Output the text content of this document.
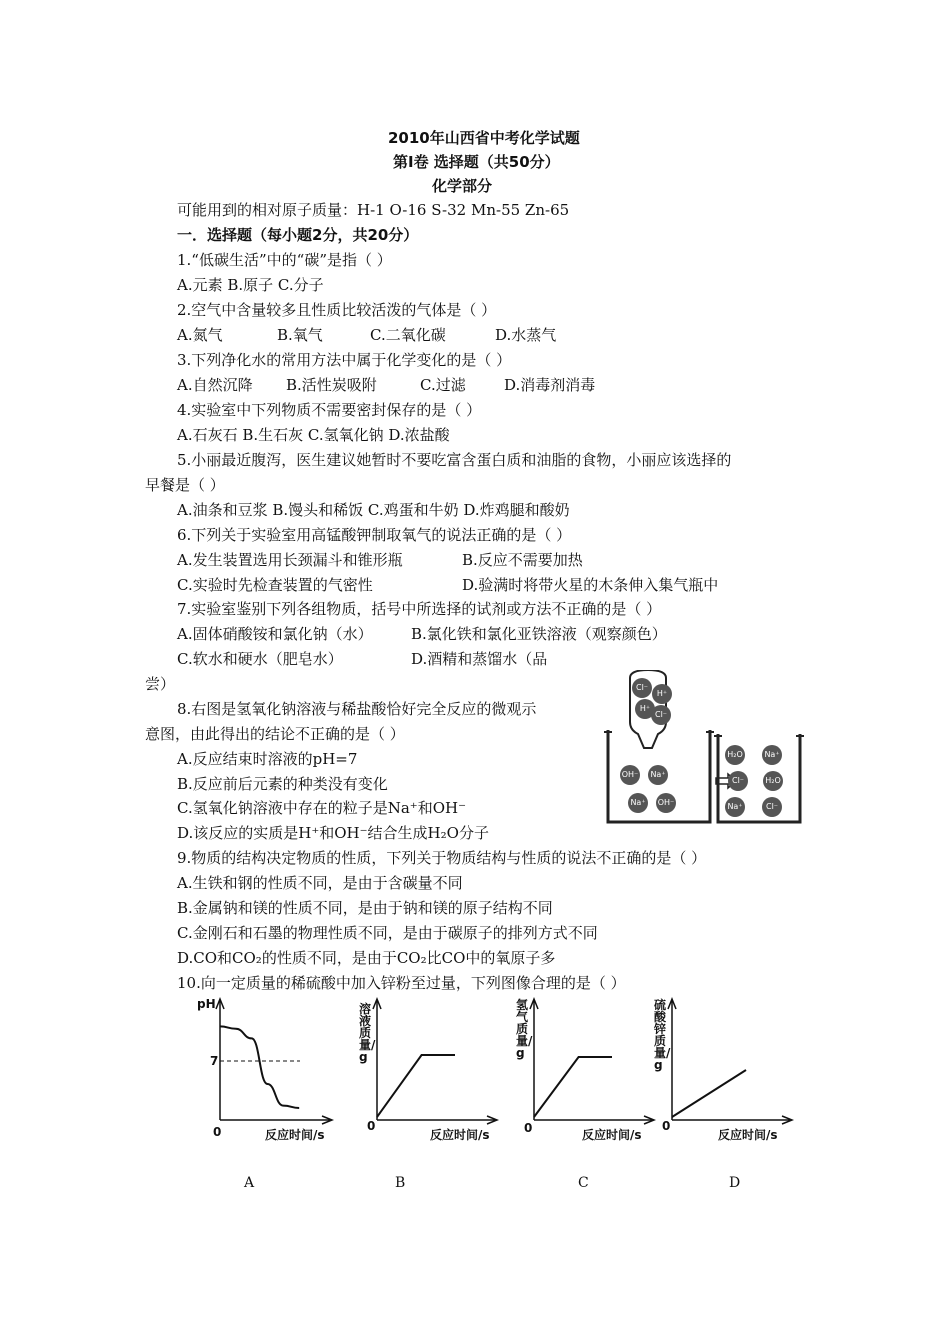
2010年山西省中考化学试题
第Ⅰ卷 选择题（共50分）
化学部分
可能用到的相对原子质量：H-1 O-16 S-32 Mn-55 Zn-65
一．选择题（每小题2分，共20分）
1.“低碳生活”中的“碳”是指（ ）
A.元素 B.原子 C.分子
2.空气中含量较多且性质比较活泼的气体是（ ）
A.氮气	B.氧气	C.二氧化碳	D.水蒸气
3.下列净化水的常用方法中属于化学变化的是（ ）
A.自然沉降 B.活性炭吸附	C.过滤	D.消毒剂消毒
4.实验室中下列物质不需要密封保存的是（ ）
A.石灰石 B.生石灰 C.氢氧化钠 D.浓盐酸
5.小丽最近腹泻，医生建议她暂时不要吃富含蛋白质和油脂的食物，小丽应该选择的
早餐是（ ）
A.油条和豆浆 B.馒头和稀饭 C.鸡蛋和牛奶 D.炸鸡腿和酸奶
6.下列关于实验室用高锰酸钾制取氧气的说法正确的是（ ）
A.发生装置选用长颈漏斗和锥形瓶	B.反应不需要加热
C.实验时先检查装置的气密性	D.验满时将带火星的木条伸入集气瓶中
7.实验室鉴别下列各组物质，括号中所选择的试剂或方法不正确的是（ ）
A.固体硝酸铵和氯化钠（水）	B.氯化铁和氯化亚铁溶液（观察颜色）
C.软水和硬水（肥皂水）	D.酒精和蒸馏水（品
尝）
8.右图是氢氧化钠溶液与稀盐酸恰好完全反应的微观示
意图，由此得出的结论不正确的是（ ）
A.反应结束时溶液的pH=7
B.反应前后元素的种类没有变化
C.氢氧化钠溶液中存在的粒子是Na⁺和OH⁻
D.该反应的实质是H⁺和OH⁻结合生成H₂O分子
9.物质的结构决定物质的性质，下列关于物质结构与性质的说法不正确的是（ ）
A.生铁和钢的性质不同，是由于含碳量不同
B.金属钠和镁的性质不同，是由于钠和镁的原子结构不同
C.金刚石和石墨的物理性质不同，是由于碳原子的排列方式不同
D.CO和CO₂的性质不同，是由于CO₂比CO中的氧原子多
10.向一定质量的稀硫酸中加入锌粉至过量，下列图像合理的是（ ）
Cl⁻
H⁺
H⁺
Cl⁻
OH⁻	Na⁺
Na⁺	OH⁻
H₂O	Na⁺
Cl⁻	H₂O
Na⁺	Cl⁻
pH
7
0	反应时间/s
溶液质量/g
0
反应时间/s
氢气质量/g
0	反应时间/s
硫酸锌质量/g
0
反应时间/s
A	B	C	D
